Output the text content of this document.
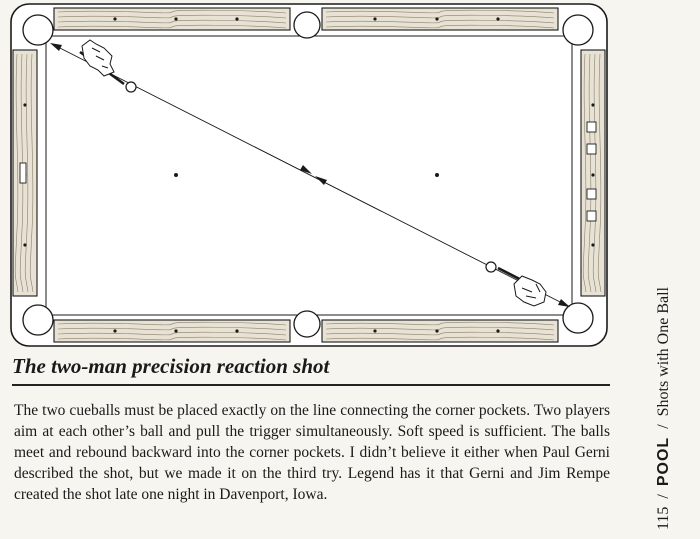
The two-man precision reaction shot

The two cueballs must be placed exactly on the line connecting the corner pockets. Two players aim at each other’s ball and pull the trigger simultaneously. Soft speed is sufficient. The balls meet and rebound backward into the corner pockets. I didn’t believe it either when Paul Gerni described the shot, but we made it on the third try. Legend has it that Gerni and Jim Rempe created the shot late one night in Davenport, Iowa.

115/POOL/Shots with One Ball
